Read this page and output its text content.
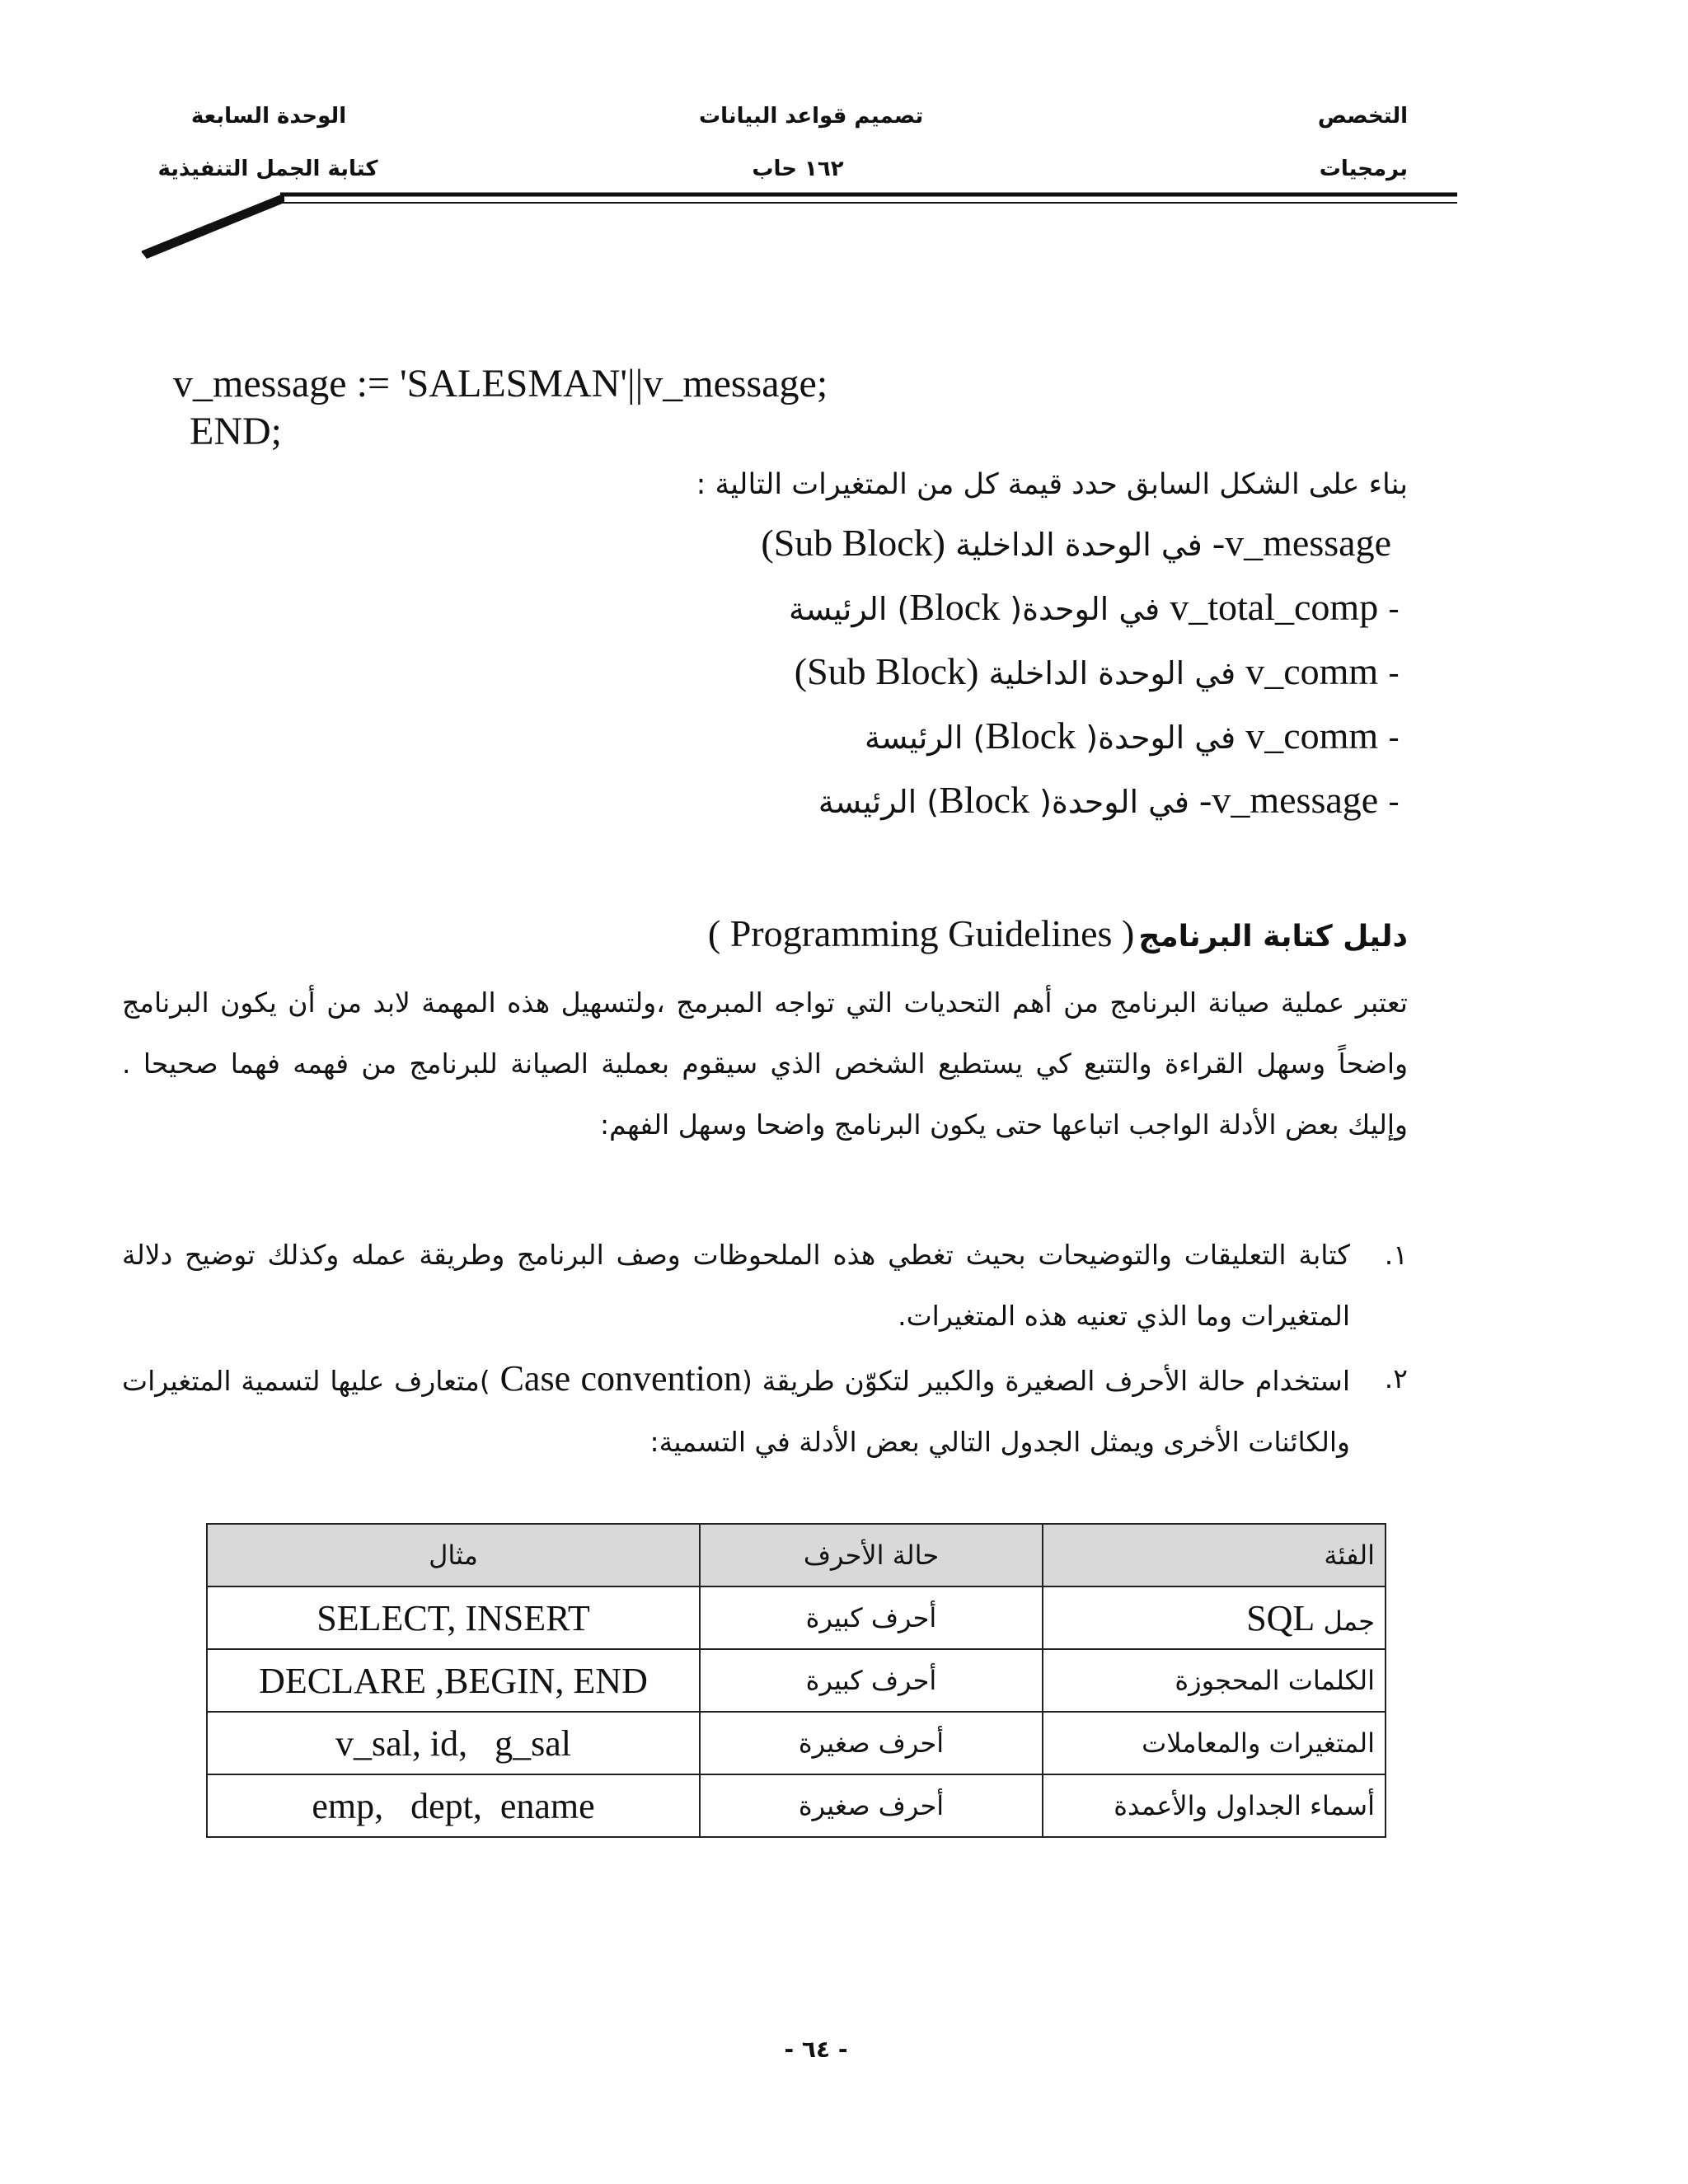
التخصص
برمجيات
تصميم قواعد البيانات
١٦٢ حاب
الوحدة السابعة
كتابة الجمل التنفيذية
v_message := 'SALESMAN'||v_message;
END;
بناء على الشكل السابق حدد قيمة كل من المتغيرات التالية :
v_message- في الوحدة الداخلية (Sub Block)
- v_total_comp في الوحدة( Block) الرئيسة
- v_comm في الوحدة الداخلية (Sub Block)
- v_comm في الوحدة( Block) الرئيسة
- v_message- في الوحدة( Block) الرئيسة
دليل كتابة البرنامج ( Programming Guidelines )
تعتبر عملية صيانة البرنامج من أهم التحديات التي تواجه المبرمج ،ولتسهيل هذه المهمة لابد من أن يكون البرنامج واضحاً وسهل القراءة والتتبع كي يستطيع الشخص الذي سيقوم بعملية الصيانة للبرنامج من فهمه فهما صحيحا . وإليك بعض الأدلة الواجب اتباعها حتى يكون البرنامج واضحا وسهل الفهم:
١.
كتابة التعليقات والتوضيحات بحيث تغطي هذه الملحوظات وصف البرنامج وطريقة عمله وكذلك توضيح دلالة المتغيرات وما الذي تعنيه هذه المتغيرات.
٢.
استخدام حالة الأحرف الصغيرة والكبير لتكوّن طريقة (Case convention )متعارف عليها لتسمية المتغيرات والكائنات الأخرى ويمثل الجدول التالي بعض الأدلة في التسمية:
الفئة	حالة الأحرف	مثال
جمل SQL	أحرف كبيرة	SELECT, INSERT
الكلمات المحجوزة	أحرف كبيرة	DECLARE ,BEGIN, END
المتغيرات والمعاملات	أحرف صغيرة	v_sal, id,   g_sal
أسماء الجداول والأعمدة	أحرف صغيرة	emp,   dept,  ename
- ٦٤ -
